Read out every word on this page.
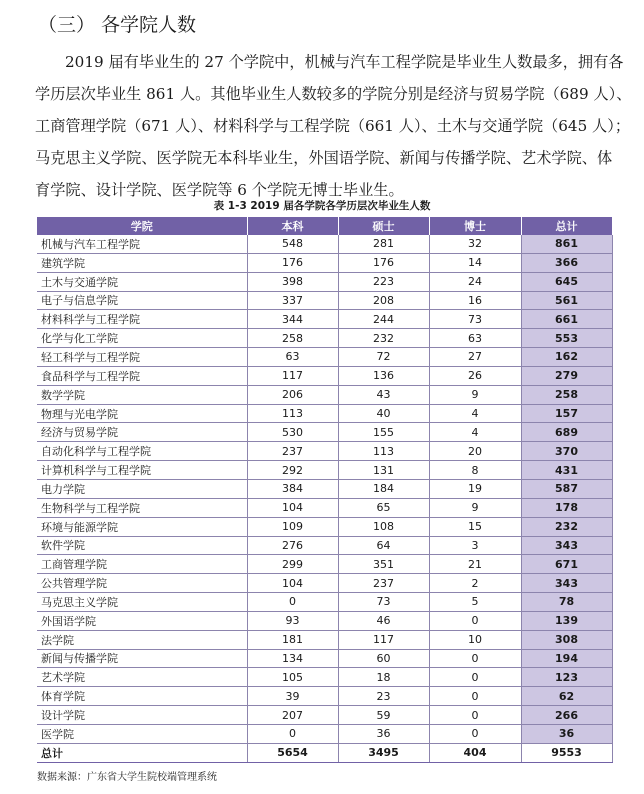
（三） 各学院人数
2019 届有毕业生的 27 个学院中，机械与汽车工程学院是毕业生人数最多，拥有各
学历层次毕业生 861 人。其他毕业生人数较多的学院分别是经济与贸易学院（689 人）、
工商管理学院（671 人）、材料科学与工程学院（661 人）、土木与交通学院（645 人）；
马克思主义学院、医学院无本科毕业生，外国语学院、新闻与传播学院、艺术学院、体
育学院、设计学院、医学院等 6 个学院无博士毕业生。
表 1-3 2019 届各学院各学历层次毕业生人数
学院	本科	硕士	博士	总计
机械与汽车工程学院	548	281	32	861
建筑学院	176	176	14	366
土木与交通学院	398	223	24	645
电子与信息学院	337	208	16	561
材料科学与工程学院	344	244	73	661
化学与化工学院	258	232	63	553
轻工科学与工程学院	63	72	27	162
食品科学与工程学院	117	136	26	279
数学学院	206	43	9	258
物理与光电学院	113	40	4	157
经济与贸易学院	530	155	4	689
自动化科学与工程学院	237	113	20	370
计算机科学与工程学院	292	131	8	431
电力学院	384	184	19	587
生物科学与工程学院	104	65	9	178
环境与能源学院	109	108	15	232
软件学院	276	64	3	343
工商管理学院	299	351	21	671
公共管理学院	104	237	2	343
马克思主义学院	0	73	5	78
外国语学院	93	46	0	139
法学院	181	117	10	308
新闻与传播学院	134	60	0	194
艺术学院	105	18	0	123
体育学院	39	23	0	62
设计学院	207	59	0	266
医学院	0	36	0	36
总计	5654	3495	404	9553
数据来源：广东省大学生院校端管理系统
